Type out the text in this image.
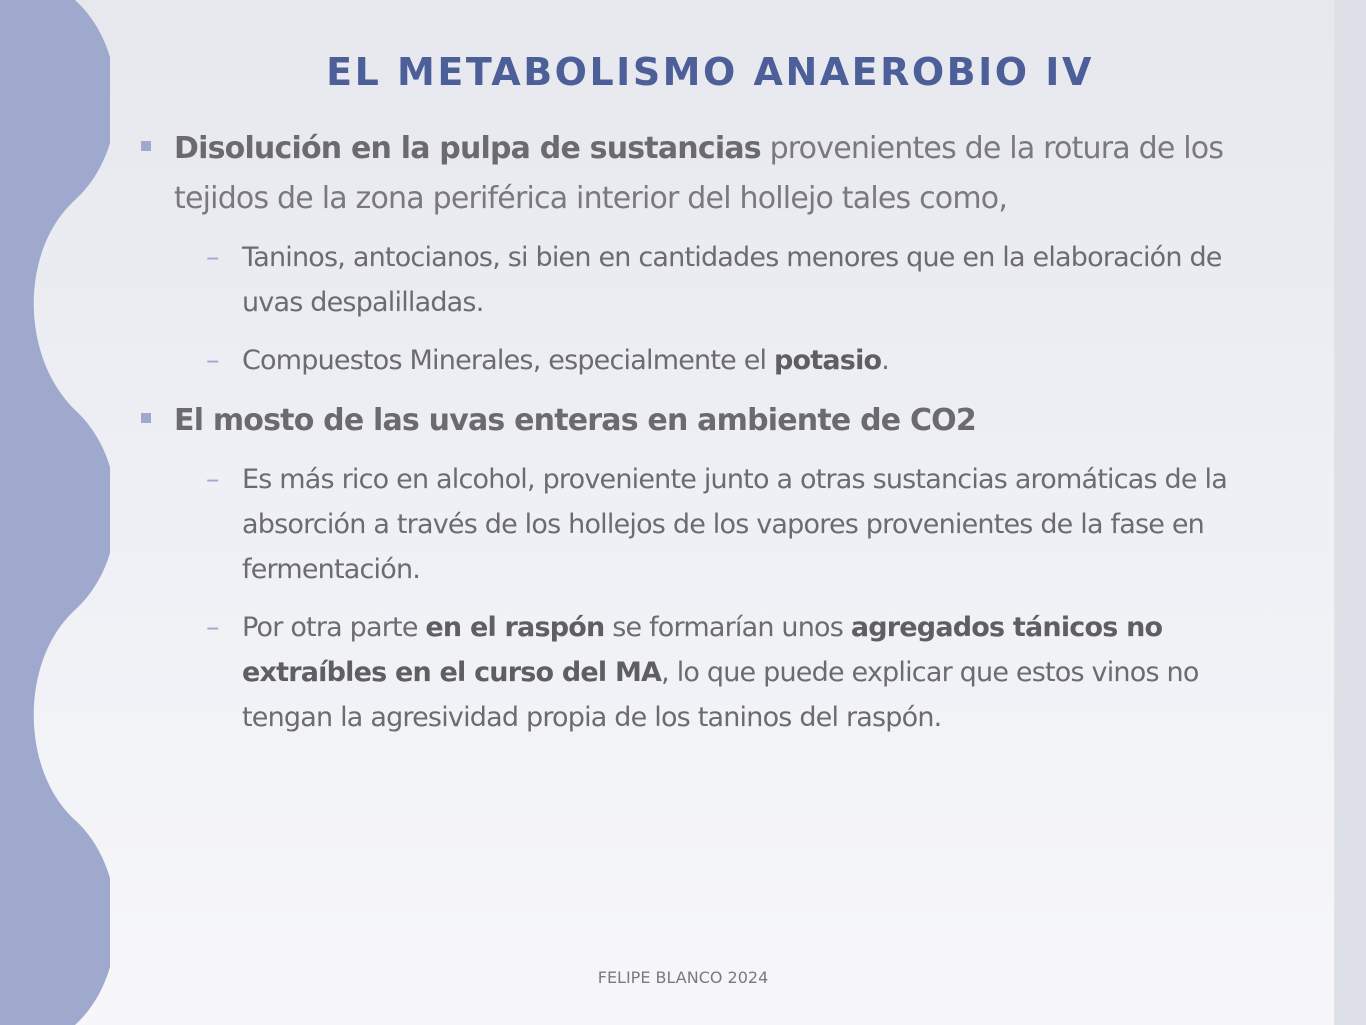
EL METABOLISMO ANAEROBIO IV
Disolución en la pulpa de sustancias provenientes de la rotura de los tejidos de la zona periférica interior del hollejo tales como,
– Taninos, antocianos, si bien en cantidades menores que en la elaboración de uvas despalilladas.
– Compuestos Minerales, especialmente el potasio.
El mosto de las uvas enteras en ambiente de CO2
– Es más rico en alcohol, proveniente junto a otras sustancias aromáticas de la absorción a través de los hollejos de los vapores provenientes de la fase en fermentación.
– Por otra parte en el raspón se formarían unos agregados tánicos no extraíbles en el curso del MA, lo que puede explicar que estos vinos no tengan la agresividad propia de los taninos del raspón.
FELIPE BLANCO 2024
